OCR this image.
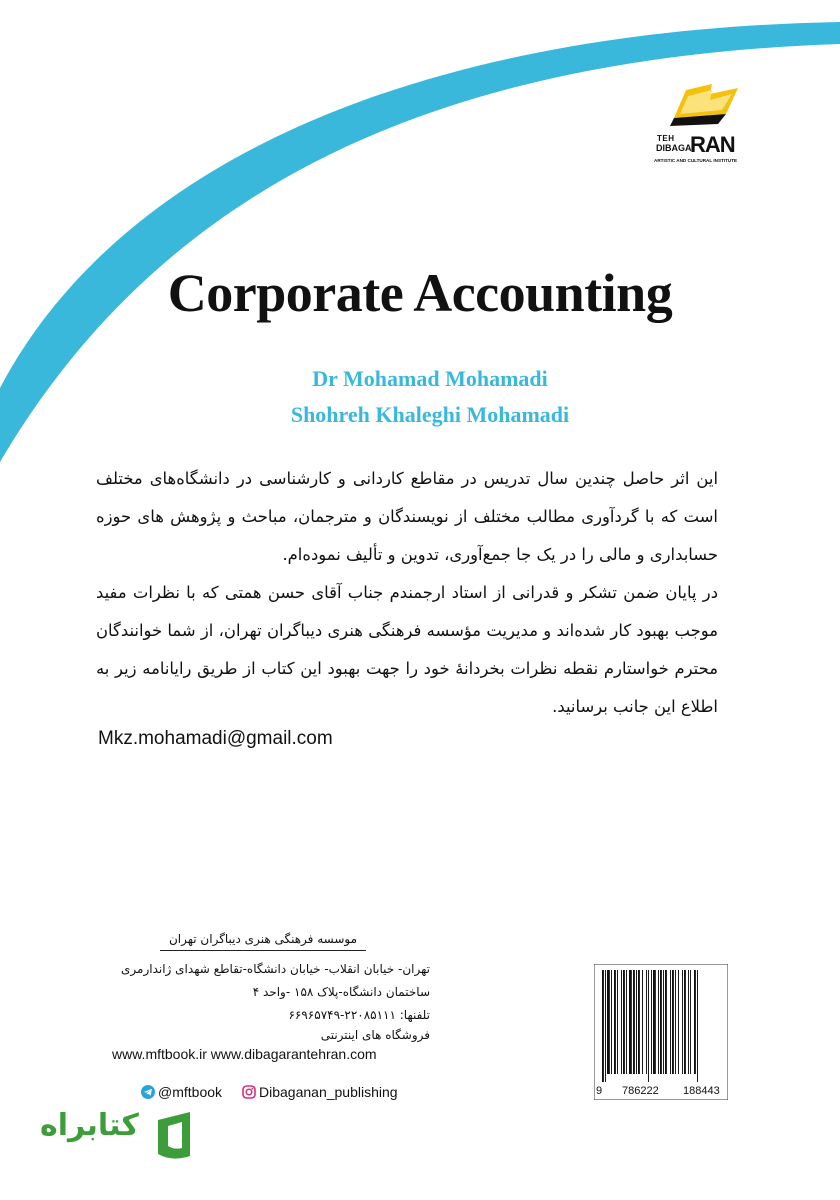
TEH
DIBAGA
RAN
ARTISTIC AND CULTURAL INSTITUTE
Corporate Accounting
Dr Mohamad Mohamadi
Shohreh Khaleghi Mohamadi

این اثر حاصل چندین سال تدریس در مقاطع کاردانی و کارشناسی در دانشگاه‌های مختلف است که با گردآوری مطالب مختلف از نویسندگان و مترجمان، مباحث و پژوهش های حوزه حسابداری و مالی را در یک جا جمع‌آوری، تدوین و تألیف نموده‌ام.

در پایان ضمن تشکر و قدرانی از استاد ارجمندم جناب آقای حسن همتی که با نظرات مفید موجب بهبود کار شده‌اند و مدیریت مؤسسه فرهنگی هنری دیباگران تهران، از شما خوانندگان محترم خواستارم نقطه نظرات بخردانهٔ خود را جهت بهبود این کتاب از طریق رایانامه زیر به اطلاع این جانب برسانید.

Mkz.mohamadi@gmail.com
موسسه فرهنگی هنری دیباگران تهران
تهران- خیابان انقلاب- خیابان دانشگاه-تقاطع شهدای ژاندارمری
ساختمان دانشگاه-پلاک ۱۵۸ -واحد ۴
تلفنها: ۲۲۰۸۵۱۱۱-۶۶۹۶۵۷۴۹
فروشگاه های اینترنتی
www.mftbook.ir www.dibagarantehran.com
@mftbook	Dibaganan_publishing	9 786222 188443
کتابراه
